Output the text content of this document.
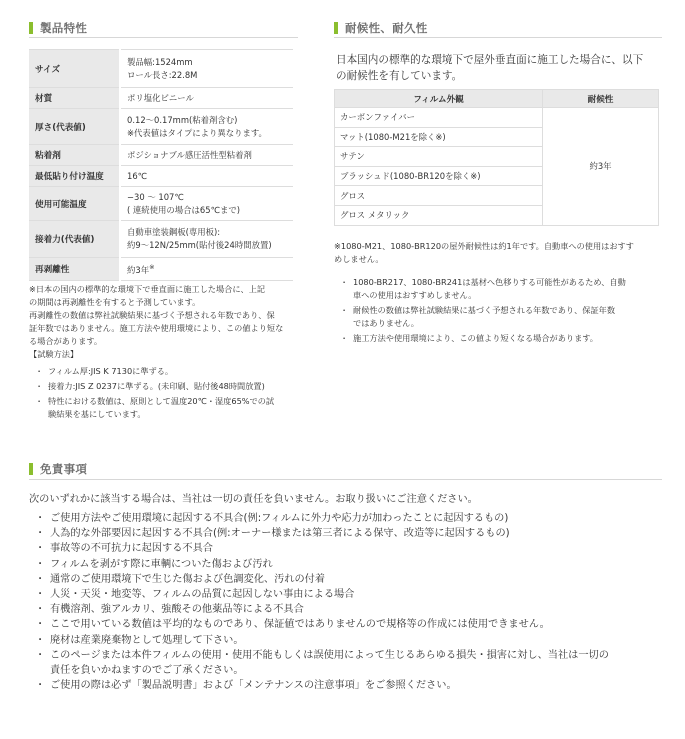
製品特性
サイズ	製品幅:1524mm
ロール長さ:22.8M

材質	ポリ塩化ビニール

厚さ(代表値)	0.12〜0.17mm(粘着剤含む)
※代表値はタイプにより異なります。

粘着剤	ポジショナブル感圧活性型粘着剤

最低貼り付け温度	16℃

使用可能温度	−30 〜 107℃
( 連続使用の場合は65℃まで)

接着力(代表値)	自動車塗装鋼板(専用板):
約9〜12N/25mm(貼付後24時間放置)

再剥離性	約3年※
※日本の国内の標準的な環境下で垂直面に施工した場合に、上記
の期間は再剥離性を有すると予測しています。
再剥離性の数値は弊社試験結果に基づく予想される年数であり、保
証年数ではありません。施工方法や使用環境により、この値より短な
る場合があります。
【試験方法】
・ フィルム厚:JIS K 7130に準ずる。
・ 接着力:JIS Z 0237に準ずる。(未印刷、貼付後48時間放置)
・ 特性における数値は、原則として温度20℃・湿度65%での試
験結果を基にしています。
耐候性、耐久性
日本国内の標準的な環境下で屋外垂直面に施工した場合に、以下
の耐候性を有しています。
フィルム外観	耐候性
カーボンファイバー	約3年
マット(1080-M21を除く※)	
サテン	
ブラッシュド(1080-BR120を除く※)	
グロス	
グロス メタリック	
※1080-M21、1080-BR120の屋外耐候性は約1年です。自動車への使用はおすす
めしません。
・ 1080-BR217、1080-BR241は基材へ色移りする可能性があるため、自動
車への使用はおすすめしません。
・ 耐候性の数値は弊社試験結果に基づく予想される年数であり、保証年数
ではありません。
・ 施工方法や使用環境により、この値より短くなる場合があります。
免責事項
次のいずれかに該当する場合は、当社は一切の責任を負いません。お取り扱いにご注意ください。
・ ご使用方法やご使用環境に起因する不具合(例:フィルムに外力や応力が加わったことに起因するもの)
・ 人為的な外部要因に起因する不具合(例:オーナー様または第三者による保守、改造等に起因するもの)
・ 事故等の不可抗力に起因する不具合
・ フィルムを剥がす際に車輌についた傷および汚れ
・ 通常のご使用環境下で生じた傷および色調変化、汚れの付着
・ 人災・天災・地変等、フィルムの品質に起因しない事由による場合
・ 有機溶剤、強アルカリ、強酸その他薬品等による不具合
・ ここで用いている数値は平均的なものであり、保証値ではありませんので規格等の作成には使用できません。
・ 廃材は産業廃棄物として処理して下さい。
・ このページまたは本件フィルムの使用・使用不能もしくは誤使用によって生じるあらゆる損失・損害に対し、当社は一切の
責任を負いかねますのでご了承ください。
・ ご使用の際は必ず「製品説明書」および「メンテナンスの注意事項」をご参照ください。
